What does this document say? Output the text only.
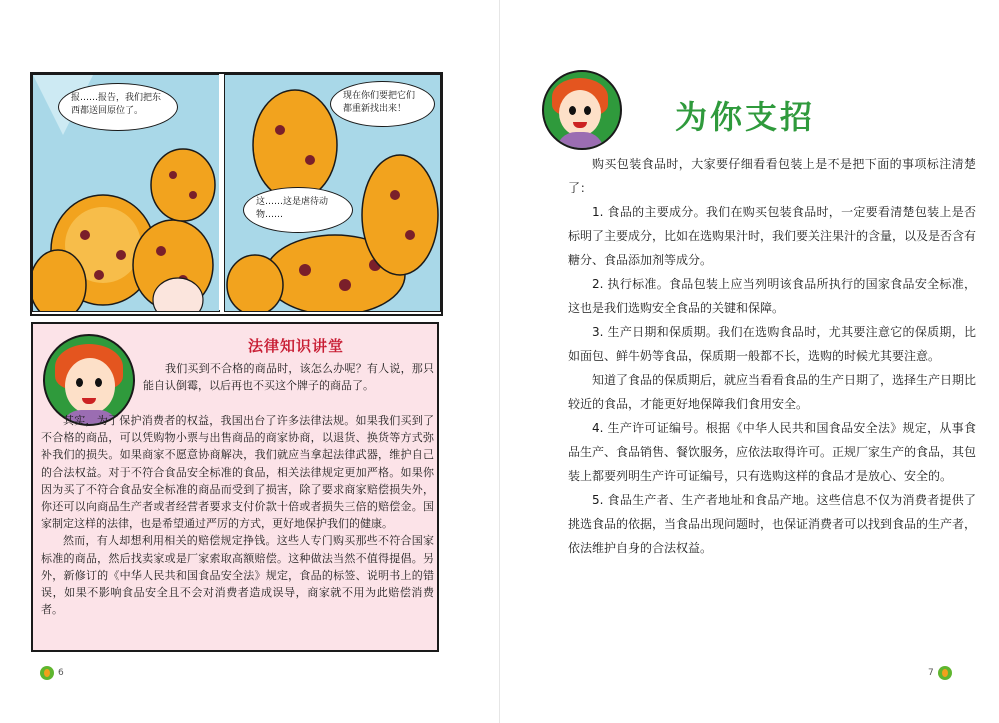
报……报告，我们把东西都送回原位了。
现在你们要把它们都重新找出来！
这……这是虐待动物……
法律知识讲堂
我们买到不合格的商品时，该怎么办呢？有人说，那只能自认倒霉，以后再也不买这个牌子的商品了。

其实，为了保护消费者的权益，我国出台了许多法律法规。如果我们买到了不合格的商品，可以凭购物小票与出售商品的商家协商，以退货、换货等方式弥补我们的损失。如果商家不愿意协商解决，我们就应当拿起法律武器，维护自己的合法权益。对于不符合食品安全标准的食品，相关法律规定更加严格。如果你因为买了不符合食品安全标准的商品而受到了损害，除了要求商家赔偿损失外，你还可以向商品生产者或者经营者要求支付价款十倍或者损失三倍的赔偿金。国家制定这样的法律，也是希望通过严厉的方式，更好地保护我们的健康。

然而，有人却想利用相关的赔偿规定挣钱。这些人专门购买那些不符合国家标准的商品，然后找卖家或是厂家索取高额赔偿。这种做法当然不值得提倡。另外，新修订的《中华人民共和国食品安全法》规定，食品的标签、说明书上的错误，如果不影响食品安全且不会对消费者造成误导，商家就不用为此赔偿消费者。

6
为你支招

购买包装食品时，大家要仔细看看包装上是不是把下面的事项标注清楚了：

1. 食品的主要成分。我们在购买包装食品时，一定要看清楚包装上是否标明了主要成分，比如在选购果汁时，我们要关注果汁的含量，以及是否含有糖分、食品添加剂等成分。

2. 执行标准。食品包装上应当列明该食品所执行的国家食品安全标准，这也是我们选购安全食品的关键和保障。

3. 生产日期和保质期。我们在选购食品时，尤其要注意它的保质期，比如面包、鲜牛奶等食品，保质期一般都不长，选购的时候尤其要注意。

知道了食品的保质期后，就应当看看食品的生产日期了，选择生产日期比较近的食品，才能更好地保障我们食用安全。

4. 生产许可证编号。根据《中华人民共和国食品安全法》规定，从事食品生产、食品销售、餐饮服务，应依法取得许可。正规厂家生产的食品，其包装上都要列明生产许可证编号，只有选购这样的食品才是放心、安全的。

5. 食品生产者、生产者地址和食品产地。这些信息不仅为消费者提供了挑选食品的依据，当食品出现问题时，也保证消费者可以找到食品的生产者，依法维护自身的合法权益。

7
